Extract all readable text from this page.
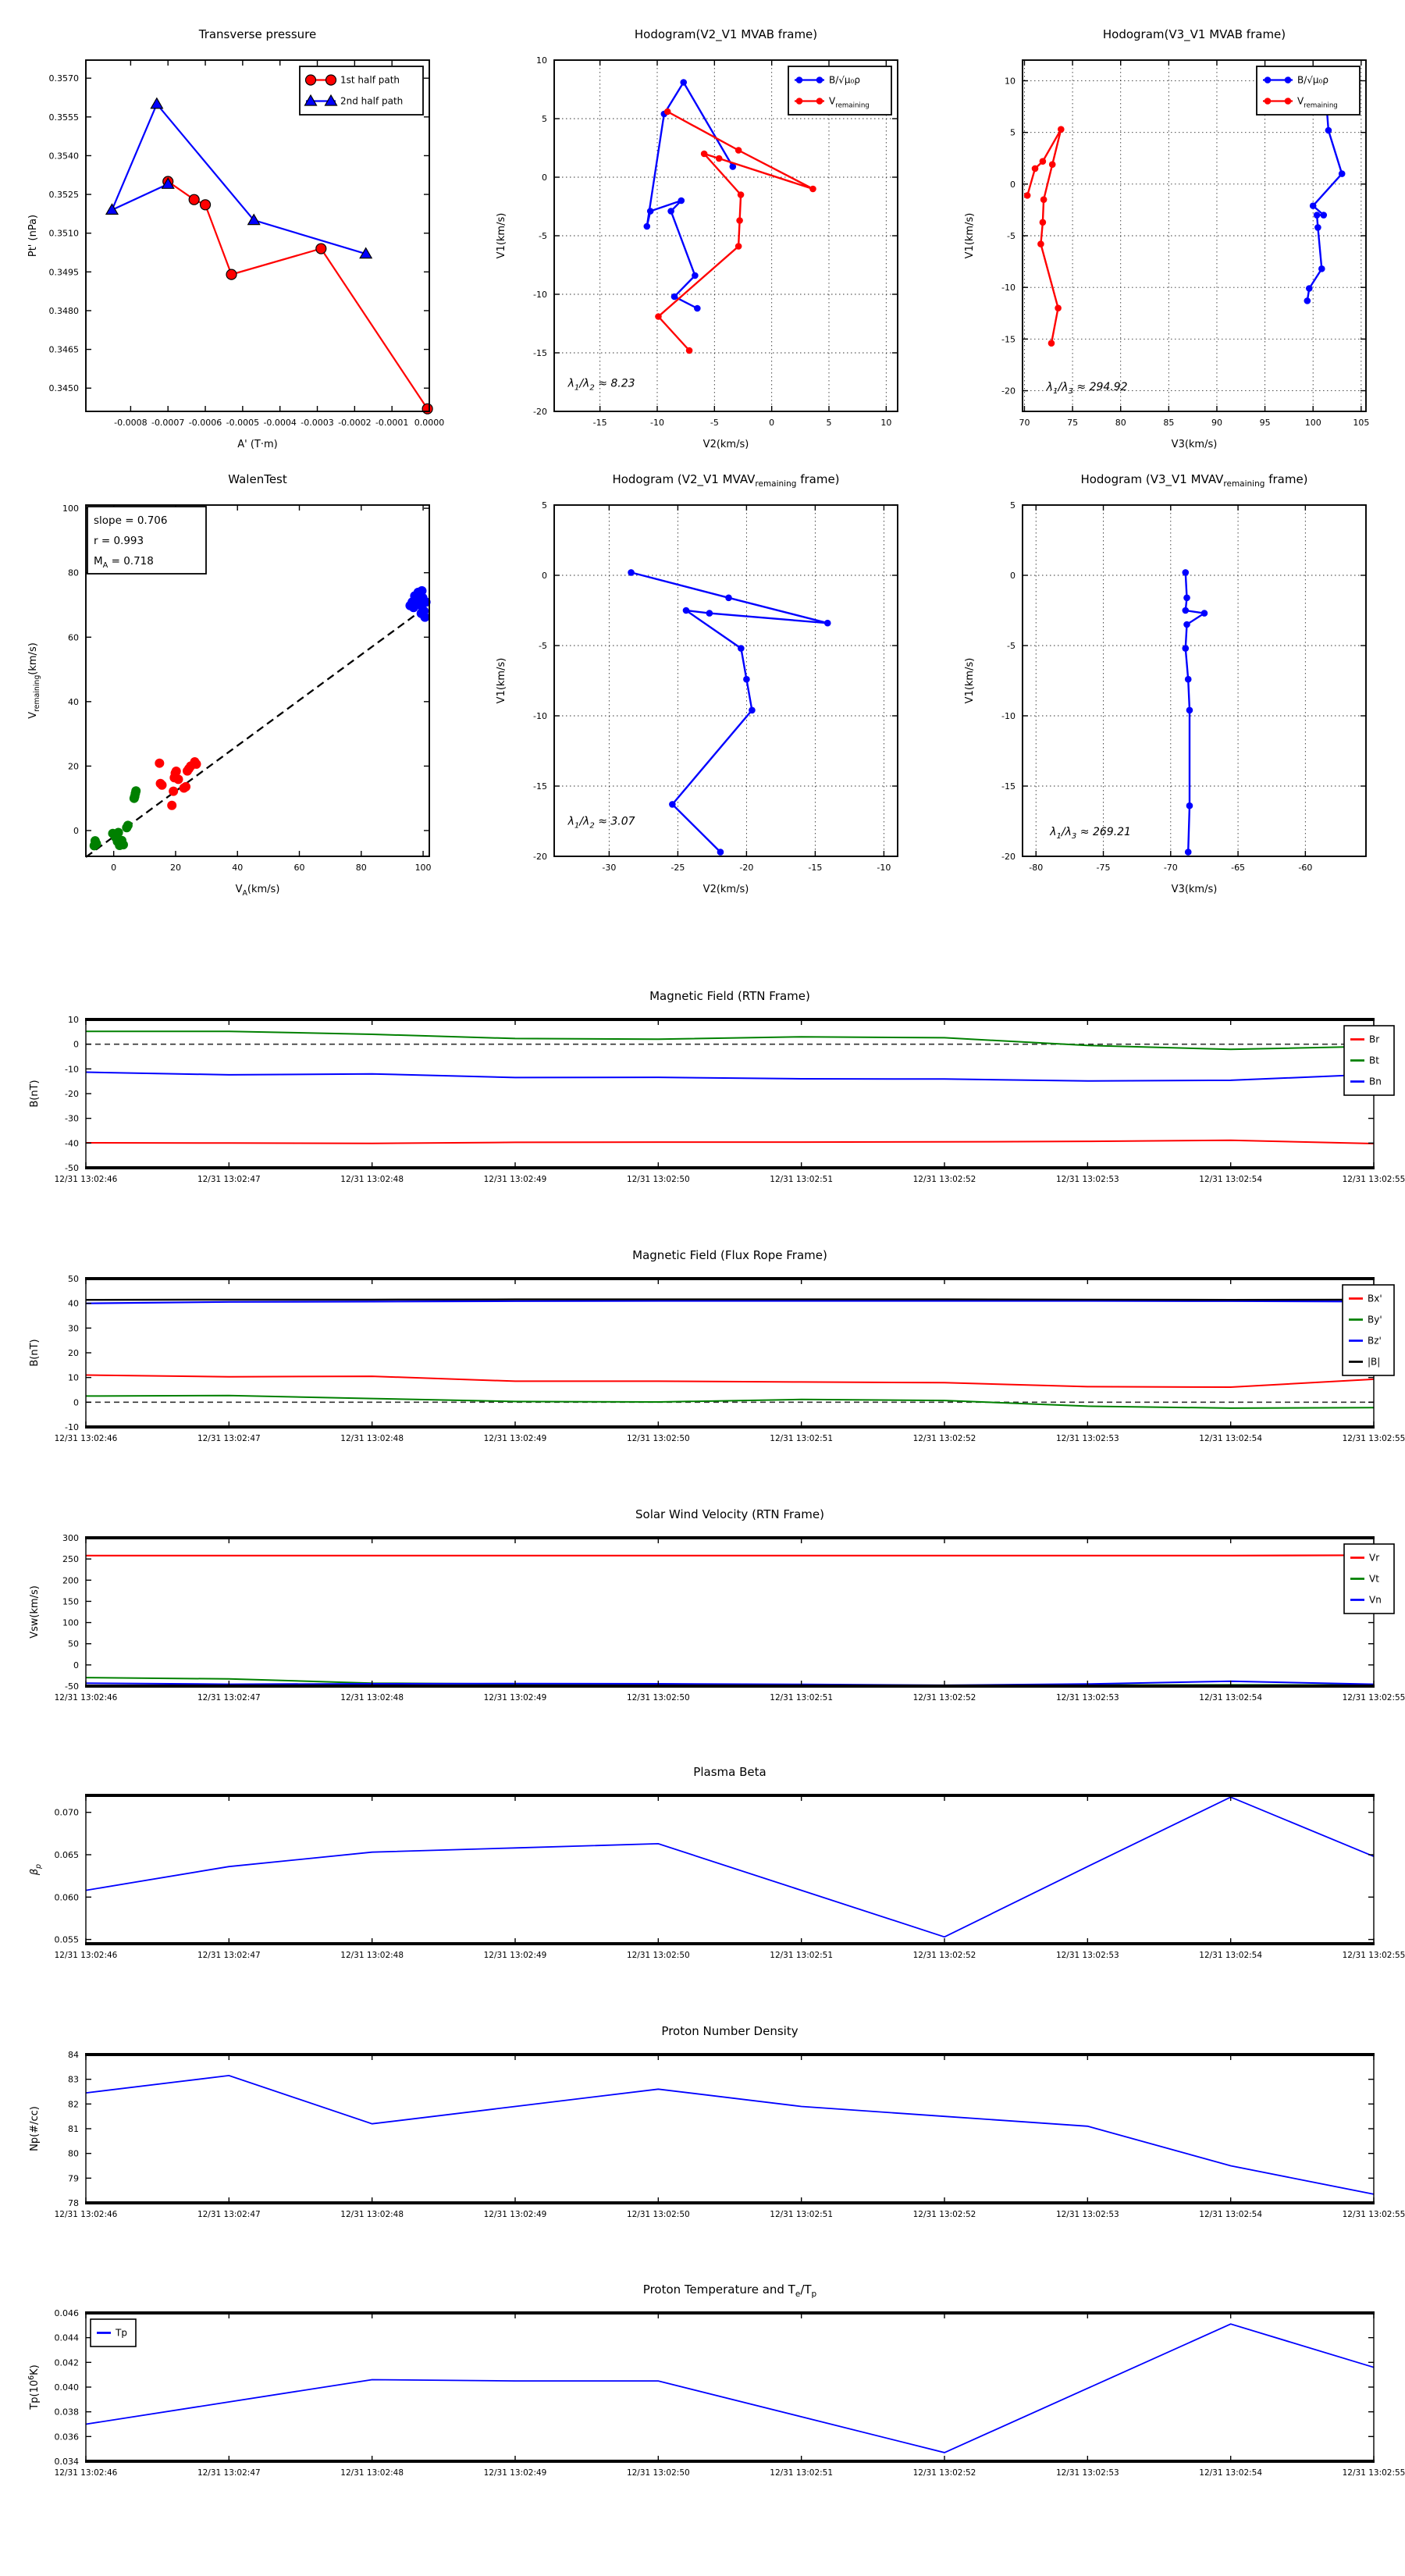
Transverse pressure
-0.0008 -0.0007 -0.0006 -0.0005 -0.0004 -0.0003 -0.0002 -0.0001 0.0000
0.3450
0.3465
0.3480
0.3495
0.3510
0.3525
0.3540
0.3555
0.3570
A' (T·m)
Pt' (nPa)
1st half path
2nd half path
Hodogram(V2_V1 MVAB frame)
-15	-10	-5	0	5	10
10
5
0
-5
-10
-15
-20
V2(km/s)
V1(km/s)
$\lambda_1/\lambda_2 \approx 8.23$
B/√μ₀ρ
$V_{remaining}$
Hodogram(V3_V1 MVAB frame)
70	75	80	85	90	95	100	105
10
5
0
-5
-10
-15
-20
V3(km/s)
V1(km/s)
$\lambda_1/\lambda_3 \approx 294.92$
B/√μ₀ρ
$V_{remaining}$
WalenTest
0	20	40	60	80	100
0
20
40
60
80
100
$V_A(km/s)$
$V_{remaining}(km/s)$
slope = 0.706
r = 0.993
$M_A = 0.718$
Hodogram (V2_V1 $MVAV_{remaining}$ frame)
-30	-25	-20	-15	-10
5
0
-5
-10
-15
-20
V2(km/s)
V1(km/s)
$\lambda_1/\lambda_2 \approx 3.07$
Hodogram (V3_V1 $MVAV_{remaining}$ frame)
-80	-75	-70	-65	-60
5
0
-5
-10
-15
-20
V3(km/s)
V1(km/s)
$\lambda_1/\lambda_3 \approx 269.21$
Magnetic Field (RTN Frame)
12/31 13:02:46	12/31 13:02:47	12/31 13:02:48	12/31 13:02:49	12/31 13:02:50	12/31 13:02:51	12/31 13:02:52	12/31 13:02:53	12/31 13:02:54	12/31 13:02:55
10
0
-10
-20
-30
-40
-50
B(nT)
Br
Bt
Bn
Magnetic Field (Flux Rope Frame)
12/31 13:02:46	12/31 13:02:47	12/31 13:02:48	12/31 13:02:49	12/31 13:02:50	12/31 13:02:51	12/31 13:02:52	12/31 13:02:53	12/31 13:02:54	12/31 13:02:55
50
40
30
20
10
0
-10
B(nT)
Bx'
By'
Bz'
|B|
Solar Wind Velocity (RTN Frame)
12/31 13:02:46	12/31 13:02:47	12/31 13:02:48	12/31 13:02:49	12/31 13:02:50	12/31 13:02:51	12/31 13:02:52	12/31 13:02:53	12/31 13:02:54	12/31 13:02:55
300
250
200
150
100
50
0
-50
Vsw(km/s)
Vr
Vt
Vn
Plasma Beta
12/31 13:02:46	12/31 13:02:47	12/31 13:02:48	12/31 13:02:49	12/31 13:02:50	12/31 13:02:51	12/31 13:02:52	12/31 13:02:53	12/31 13:02:54	12/31 13:02:55
0.070
0.065
0.060
0.055
$\beta_p$
Proton Number Density
12/31 13:02:46	12/31 13:02:47	12/31 13:02:48	12/31 13:02:49	12/31 13:02:50	12/31 13:02:51	12/31 13:02:52	12/31 13:02:53	12/31 13:02:54	12/31 13:02:55
84
83
82
81
80
79
78
Np(#/cc)
Proton Temperature and $T_e/T_p$
12/31 13:02:46	12/31 13:02:47	12/31 13:02:48	12/31 13:02:49	12/31 13:02:50	12/31 13:02:51	12/31 13:02:52	12/31 13:02:53	12/31 13:02:54	12/31 13:02:55
0.046
0.044
0.042
0.040
0.038
0.036
0.034
$Tp(10^6K)$
Tp
